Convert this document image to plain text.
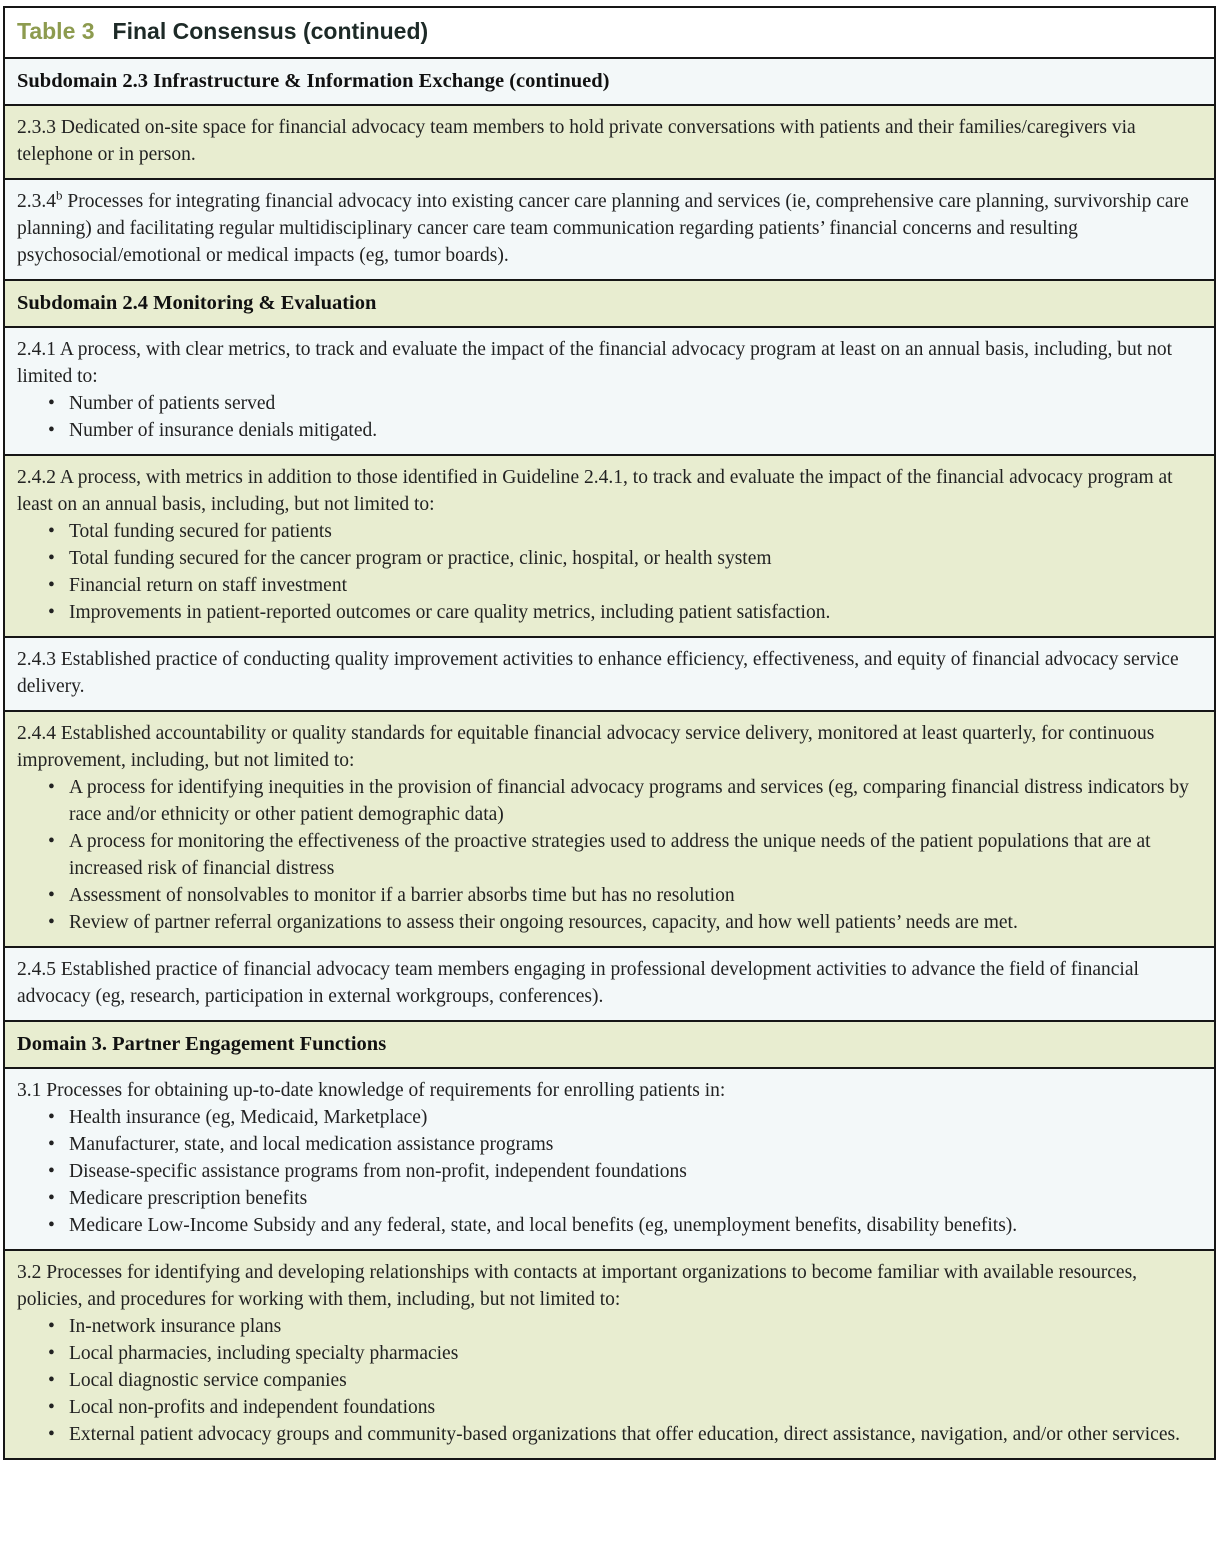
Table 3 Final Consensus (continued)
Subdomain 2.3 Infrastructure & Information Exchange (continued)

2.3.3 Dedicated on-site space for financial advocacy team members to hold private conversations with patients and their families/caregivers via telephone or in person.

2.3.4$^b$ Processes for integrating financial advocacy into existing cancer care planning and services (ie, comprehensive care planning, survivorship care planning) and facilitating regular multidisciplinary cancer care team communication regarding patients’ financial concerns and resulting psychosocial/emotional or medical impacts (eg, tumor boards).

Subdomain 2.4 Monitoring & Evaluation

2.4.1 A process, with clear metrics, to track and evaluate the impact of the financial advocacy program at least on an annual basis, including, but not limited to:

• Number of patients served
• Number of insurance denials mitigated.

2.4.2 A process, with metrics in addition to those identified in Guideline 2.4.1, to track and evaluate the impact of the financial advocacy program at least on an annual basis, including, but not limited to:

• Total funding secured for patients
• Total funding secured for the cancer program or practice, clinic, hospital, or health system
• Financial return on staff investment
• Improvements in patient-reported outcomes or care quality metrics, including patient satisfaction.

2.4.3 Established practice of conducting quality improvement activities to enhance efficiency, effectiveness, and equity of financial advocacy service delivery.

2.4.4 Established accountability or quality standards for equitable financial advocacy service delivery, monitored at least quarterly, for continuous improvement, including, but not limited to:

• A process for identifying inequities in the provision of financial advocacy programs and services (eg, comparing financial distress indicators by race and/or ethnicity or other patient demographic data)
• A process for monitoring the effectiveness of the proactive strategies used to address the unique needs of the patient populations that are at increased risk of financial distress
• Assessment of nonsolvables to monitor if a barrier absorbs time but has no resolution
• Review of partner referral organizations to assess their ongoing resources, capacity, and how well patients’ needs are met.

2.4.5 Established practice of financial advocacy team members engaging in professional development activities to advance the field of financial advocacy (eg, research, participation in external workgroups, conferences).

Domain 3. Partner Engagement Functions

3.1 Processes for obtaining up-to-date knowledge of requirements for enrolling patients in:

• Health insurance (eg, Medicaid, Marketplace)
• Manufacturer, state, and local medication assistance programs
• Disease-specific assistance programs from non-profit, independent foundations
• Medicare prescription benefits
• Medicare Low-Income Subsidy and any federal, state, and local benefits (eg, unemployment benefits, disability benefits).

3.2 Processes for identifying and developing relationships with contacts at important organizations to become familiar with available resources, policies, and procedures for working with them, including, but not limited to:

• In-network insurance plans
• Local pharmacies, including specialty pharmacies
• Local diagnostic service companies
• Local non-profits and independent foundations
• External patient advocacy groups and community-based organizations that offer education, direct assistance, navigation, and/or other services.
